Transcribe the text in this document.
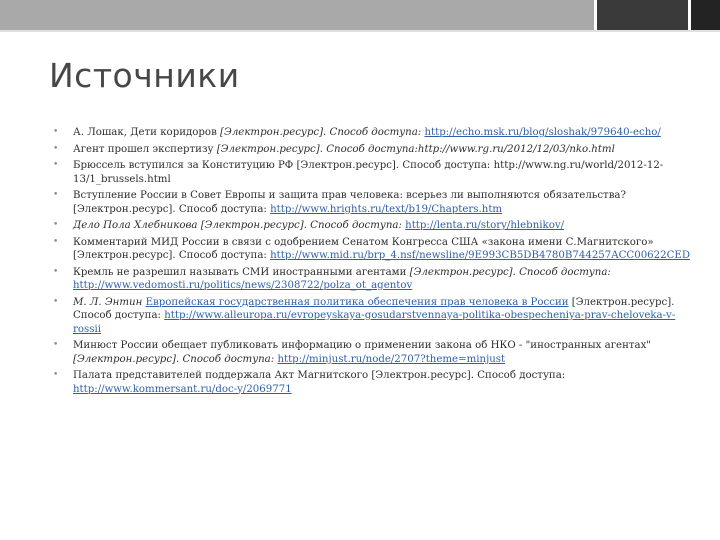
Источники
• А. Лошак, Дети коридоров [Электрон.ресурс]. Способ доступа: http://echo.msk.ru/blog/sloshak/979640-echo/
• Агент прошел экспертизу [Электрон.ресурс]. Способ доступа:http://www.rg.ru/2012/12/03/nko.html
• Брюссель вступился за Конституцию РФ [Электрон.ресурс]. Способ доступа: http://www.ng.ru/world/2012-12-13/1_brussels.html
• Вступление России в Совет Европы и защита прав человека: всерьез ли выполняются обязательства? [Электрон.ресурс]. Способ доступа: http://www.hrights.ru/text/b19/Chapters.htm
• Дело Пола Хлебникова [Электрон.ресурс]. Способ доступа: http://lenta.ru/story/hlebnikov/
• Комментарий МИД России в связи с одобрением Сенатом Конгресса США «закона имени С.Магнитского» [Электрон.ресурс]. Способ доступа: http://www.mid.ru/brp_4.nsf/newsline/9E993CB5DB4780B744257ACC00622CED
• Кремль не разрешил называть СМИ иностранными агентами [Электрон.ресурс]. Способ доступа: http://www.vedomosti.ru/politics/news/2308722/polza_ot_agentov
• М. Л. Энтин Европейская государственная политика обеспечения прав человека в России [Электрон.ресурс]. Способ доступа: http://www.alleuropa.ru/evropeyskaya-gosudarstvennaya-politika-obespecheniya-prav-cheloveka-v-rossii
• Минюст России обещает публиковать информацию о применении закона об НКО - "иностранных агентах" [Электрон.ресурс]. Способ доступа: http://minjust.ru/node/2707?theme=minjust
• Палата представителей поддержала Акт Магнитского [Электрон.ресурс]. Способ доступа: http://www.kommersant.ru/doc-y/2069771
